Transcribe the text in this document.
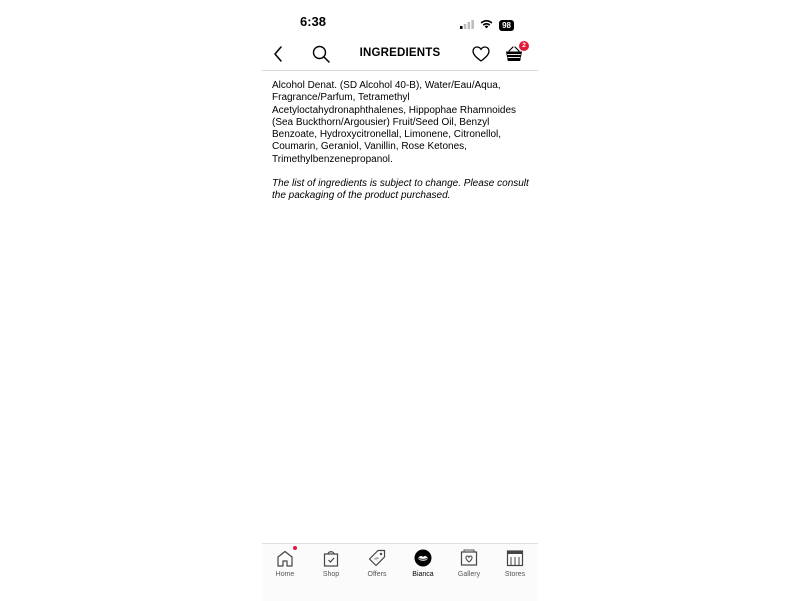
6:38	98
INGREDIENTS
2

Alcohol Denat. (SD Alcohol 40-B), Water/Eau/Aqua, Fragrance/Parfum, Tetramethyl Acetyloctahydronaphthalenes, Hippophae Rhamnoides (Sea Buckthorn/Argousier) Fruit/Seed Oil, Benzyl Benzoate, Hydroxycitronellal, Limonene, Citronellol, Coumarin, Geraniol, Vanillin, Rose Ketones, Trimethylbenzenepropanol.

The list of ingredients is subject to change. Please consult the packaging of the product purchased.

Home	Shop
%
Offers	Bianca	Gallery	Stores
